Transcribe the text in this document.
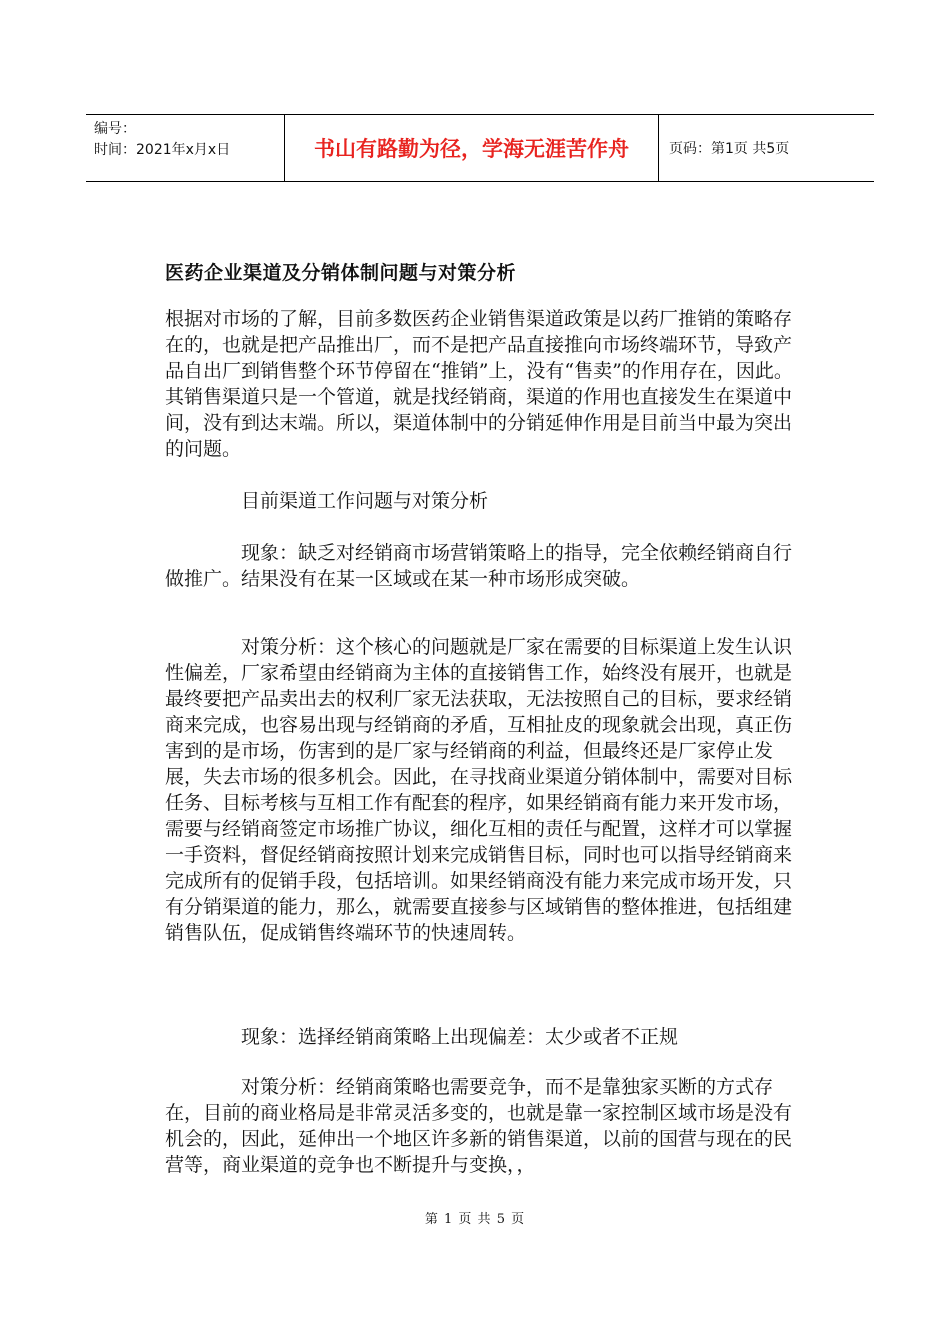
编号：
时间：2021年x月x日	书山有路勤为径，学海无涯苦作舟	页码：第1页 共5页
医药企业渠道及分销体制问题与对策分析

根据对市场的了解，目前多数医药企业销售渠道政策是以药厂推销的策略存在的，也就是把产品推出厂，而不是把产品直接推向市场终端环节，导致产品自出厂到销售整个环节停留在“推销”上，没有“售卖”的作用存在，因此。其销售渠道只是一个管道，就是找经销商，渠道的作用也直接发生在渠道中间，没有到达末端。所以，渠道体制中的分销延伸作用是目前当中最为突出的问题。

目前渠道工作问题与对策分析

现象：缺乏对经销商市场营销策略上的指导，完全依赖经销商自行做推广。结果没有在某一区域或在某一种市场形成突破。

对策分析：这个核心的问题就是厂家在需要的目标渠道上发生认识性偏差，厂家希望由经销商为主体的直接销售工作，始终没有展开，也就是最终要把产品卖出去的权利厂家无法获取，无法按照自己的目标，要求经销商来完成，也容易出现与经销商的矛盾，互相扯皮的现象就会出现，真正伤害到的是市场，伤害到的是厂家与经销商的利益，但最终还是厂家停止发展，失去市场的很多机会。因此，在寻找商业渠道分销体制中，需要对目标任务、目标考核与互相工作有配套的程序，如果经销商有能力来开发市场，需要与经销商签定市场推广协议，细化互相的责任与配置，这样才可以掌握一手资料，督促经销商按照计划来完成销售目标，同时也可以指导经销商来完成所有的促销手段，包括培训。如果经销商没有能力来完成市场开发，只有分销渠道的能力，那么，就需要直接参与区域销售的整体推进，包括组建销售队伍，促成销售终端环节的快速周转。

现象：选择经销商策略上出现偏差：太少或者不正规

对策分析：经销商策略也需要竞争，而不是靠独家买断的方式存在，目前的商业格局是非常灵活多变的，也就是靠一家控制区域市场是没有机会的，因此，延伸出一个地区许多新的销售渠道，以前的国营与现在的民营等，商业渠道的竞争也不断提升与变换，，

第 1 页 共 5 页
